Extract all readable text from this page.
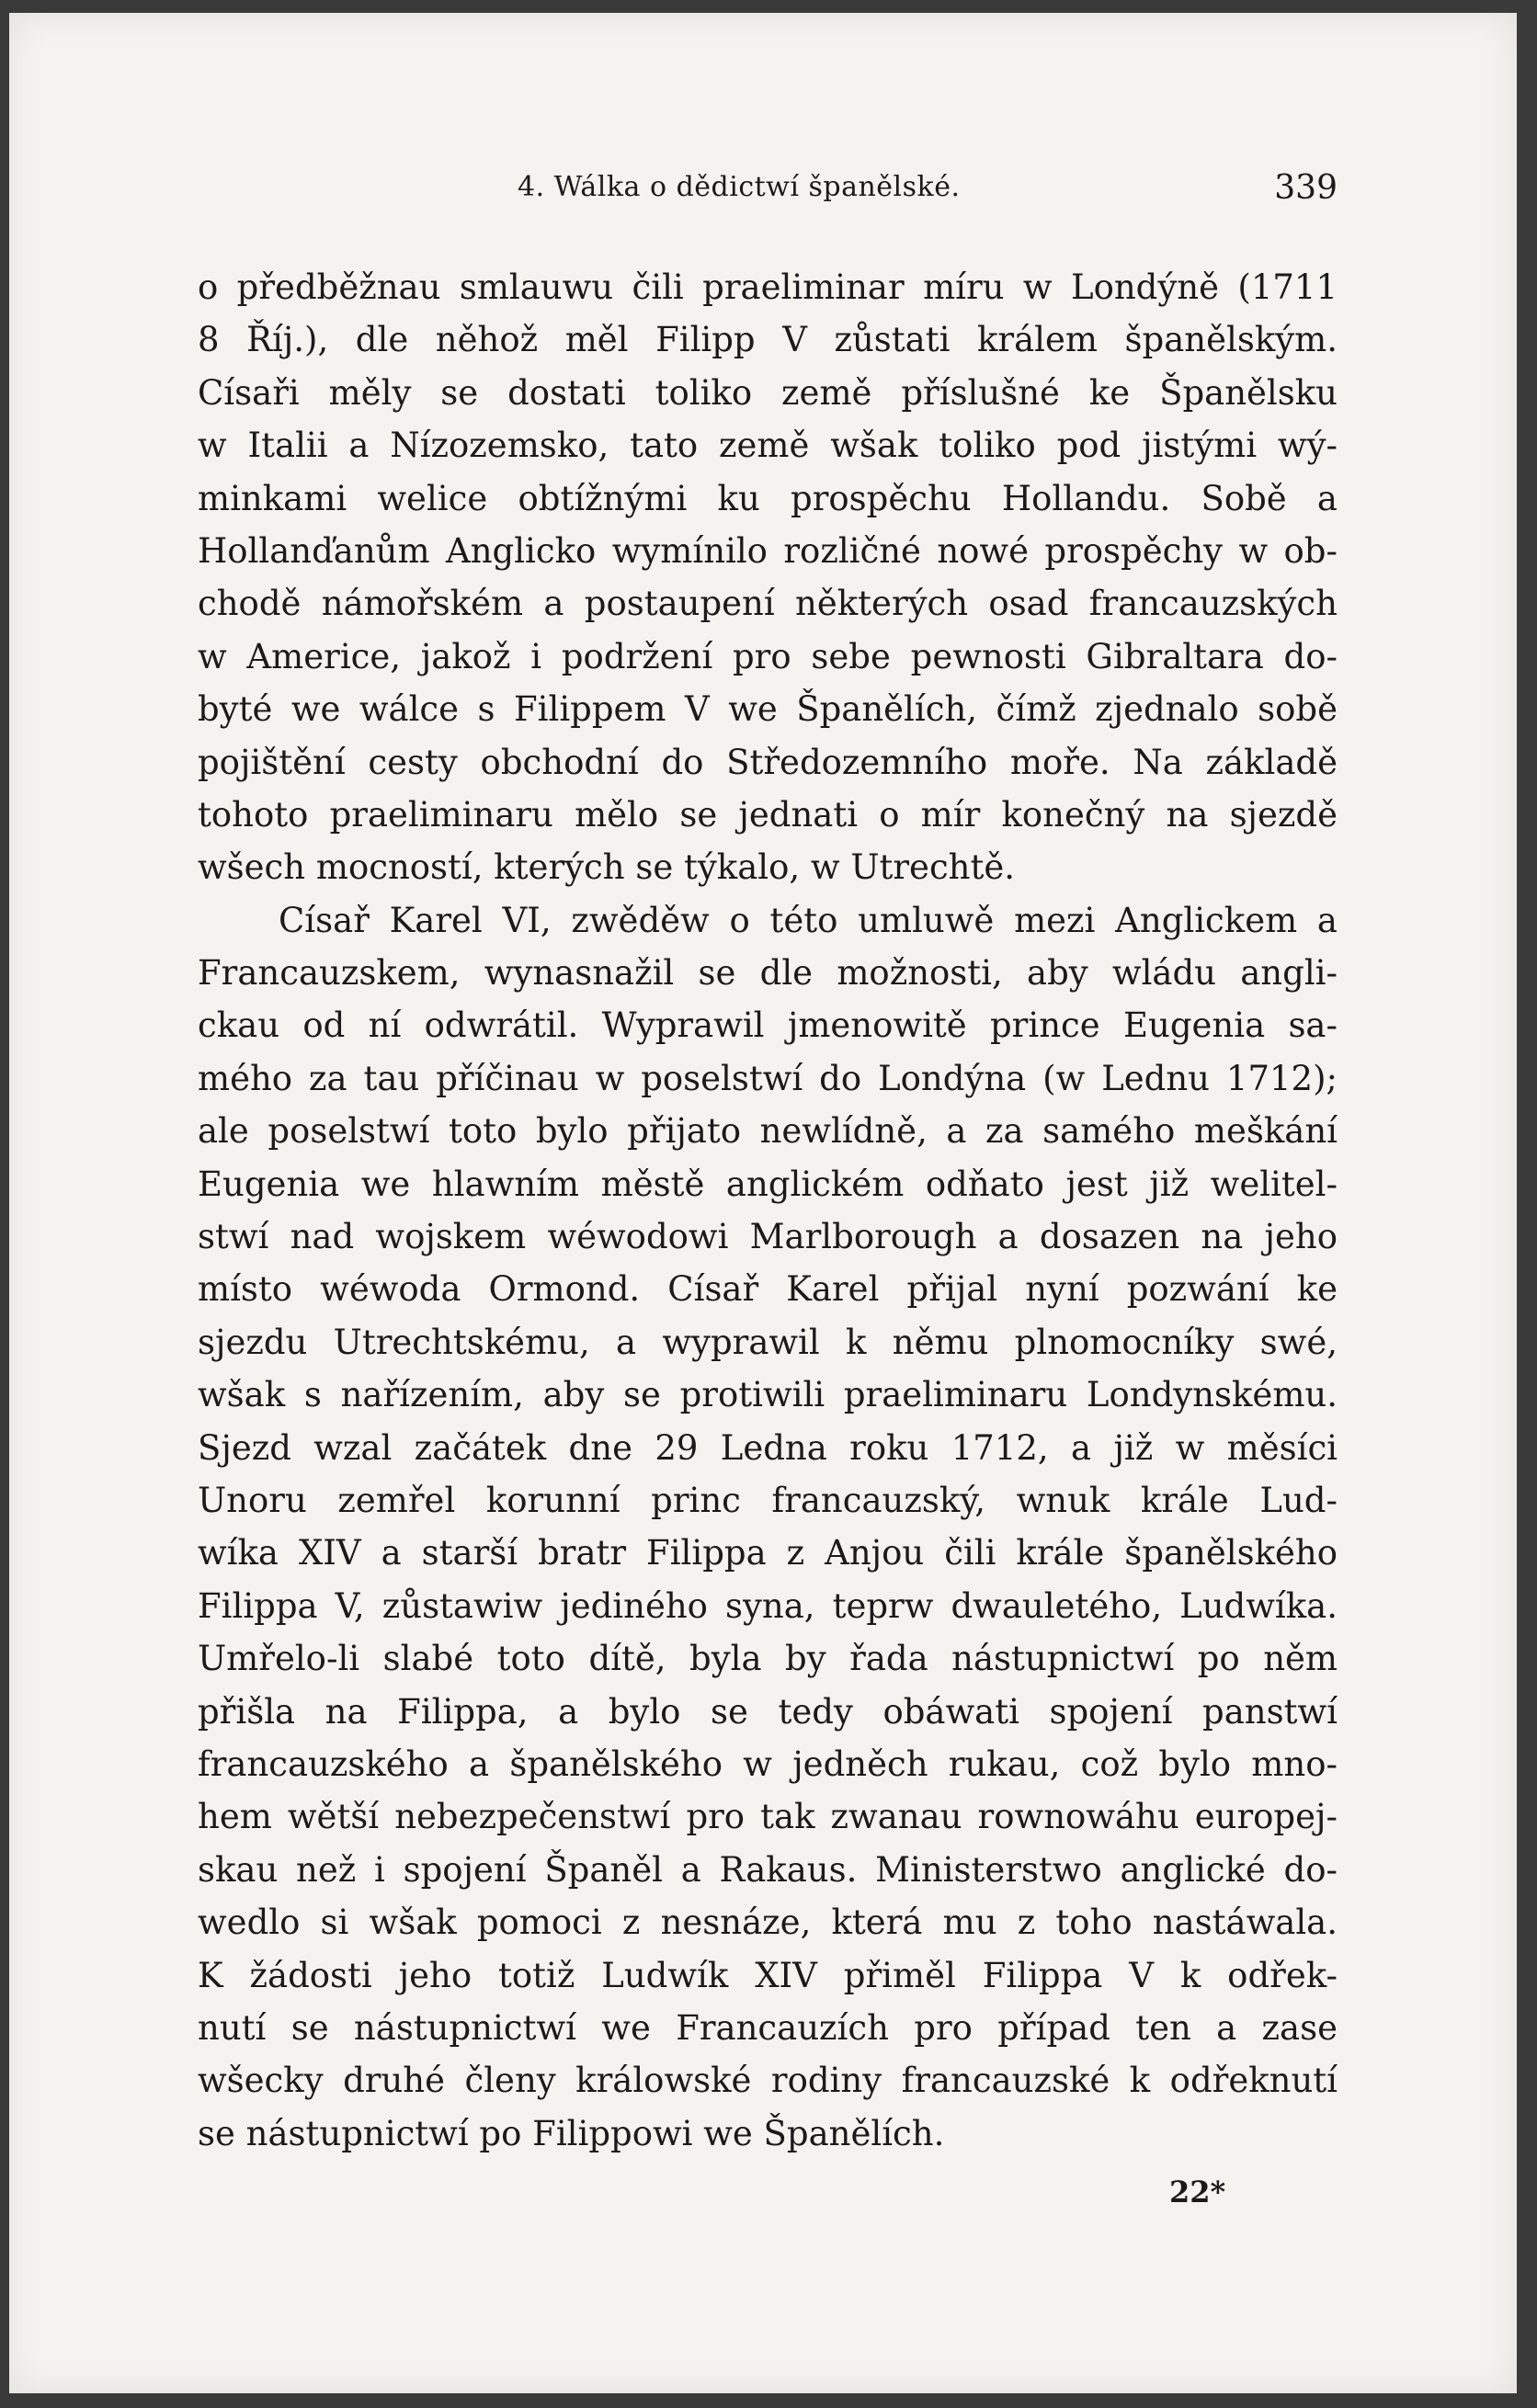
4. Wálka o dědictwí španělské.	339
o předběžnau smlauwu čili praeliminar míru w Londýně (1711
8 Říj.), dle něhož měl Filipp V zůstati králem španělským.
Císaři měly se dostati toliko země příslušné ke Španělsku
w Italii a Nízozemsko, tato země wšak toliko pod jistými wý-
minkami welice obtížnými ku prospěchu Hollandu. Sobě a
Hollanďanům Anglicko wymínilo rozličné nowé prospěchy w ob-
chodě námořském a postaupení některých osad francauzských
w Americe, jakož i podržení pro sebe pewnosti Gibraltara do-
byté we wálce s Filippem V we Španělích, čímž zjednalo sobě
pojištění cesty obchodní do Středozemního moře. Na základě
tohoto praeliminaru mělo se jednati o mír konečný na sjezdě
wšech mocností, kterých se týkalo, w Utrechtě.
Císař Karel VI, zwěděw o této umluwě mezi Anglickem a
Francauzskem, wynasnažil se dle možnosti, aby wládu angli-
ckau od ní odwrátil. Wyprawil jmenowitě prince Eugenia sa-
mého za tau příčinau w poselstwí do Londýna (w Lednu 1712);
ale poselstwí toto bylo přijato newlídně, a za samého meškání
Eugenia we hlawním městě anglickém odňato jest již welitel-
stwí nad wojskem wéwodowi Marlborough a dosazen na jeho
místo wéwoda Ormond. Císař Karel přijal nyní pozwání ke
sjezdu Utrechtskému, a wyprawil k němu plnomocníky swé,
wšak s nařízením, aby se protiwili praeliminaru Londynskému.
Sjezd wzal začátek dne 29 Ledna roku 1712, a již w měsíci
Unoru zemřel korunní princ francauzský, wnuk krále Lud-
wíka XIV a starší bratr Filippa z Anjou čili krále španělského
Filippa V, zůstawiw jediného syna, teprw dwauletého, Ludwíka.
Umřelo-li slabé toto dítě, byla by řada nástupnictwí po něm
přišla na Filippa, a bylo se tedy obáwati spojení panstwí
francauzského a španělského w jedněch rukau, což bylo mno-
hem wětší nebezpečenstwí pro tak zwanau rownowáhu europej-
skau než i spojení Španěl a Rakaus. Ministerstwo anglické do-
wedlo si wšak pomoci z nesnáze, která mu z toho nastáwala.
K žádosti jeho totiž Ludwík XIV přiměl Filippa V k odřek-
nutí se nástupnictwí we Francauzích pro případ ten a zase
wšecky druhé členy králowské rodiny francauzské k odřeknutí
se nástupnictwí po Filippowi we Španělích.
22*
